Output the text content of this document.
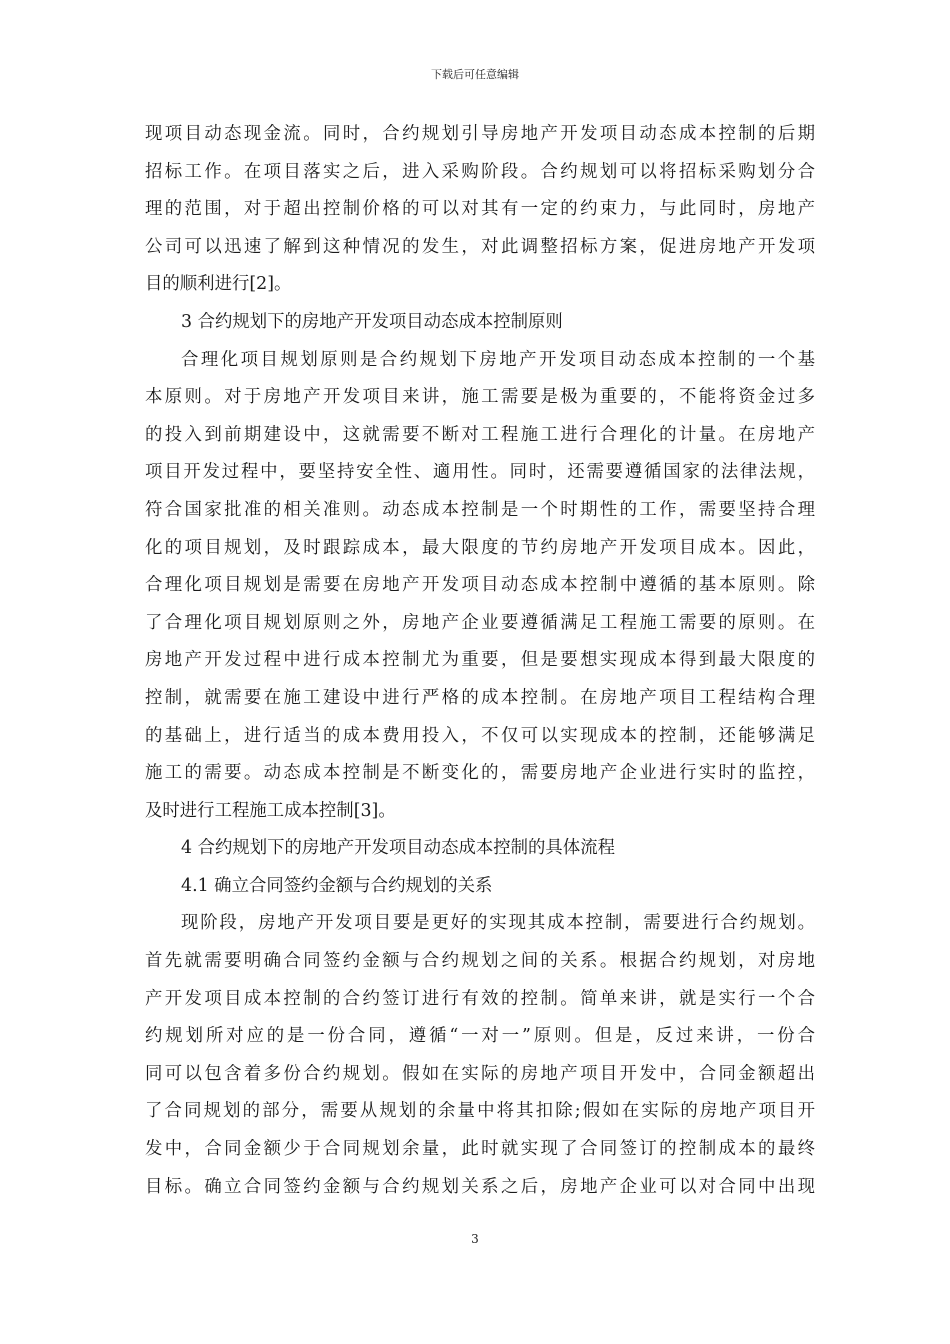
下载后可任意编辑
现项目动态现金流。同时，合约规划引导房地产开发项目动态成本控制的后期
招标工作。在项目落实之后，进入采购阶段。合约规划可以将招标采购划分合
理的范围，对于超出控制价格的可以对其有一定的约束力，与此同时，房地产
公司可以迅速了解到这种情况的发生，对此调整招标方案，促进房地产开发项
目的顺利进行[2]。
3 合约规划下的房地产开发项目动态成本控制原则
合理化项目规划原则是合约规划下房地产开发项目动态成本控制的一个基
本原则。对于房地产开发项目来讲，施工需要是极为重要的，不能将资金过多
的投入到前期建设中，这就需要不断对工程施工进行合理化的计量。在房地产
项目开发过程中，要坚持安全性、適用性。同时，还需要遵循国家的法律法规，
符合国家批准的相关准则。动态成本控制是一个时期性的工作，需要坚持合理
化的项目规划，及时跟踪成本，最大限度的节约房地产开发项目成本。因此，
合理化项目规划是需要在房地产开发项目动态成本控制中遵循的基本原则。除
了合理化项目规划原则之外，房地产企业要遵循满足工程施工需要的原则。在
房地产开发过程中进行成本控制尤为重要，但是要想实现成本得到最大限度的
控制，就需要在施工建设中进行严格的成本控制。在房地产项目工程结构合理
的基础上，进行适当的成本费用投入，不仅可以实现成本的控制，还能够满足
施工的需要。动态成本控制是不断变化的，需要房地产企业进行实时的监控，
及时进行工程施工成本控制[3]。
4 合约规划下的房地产开发项目动态成本控制的具体流程
4.1 确立合同签约金额与合约规划的关系
现阶段，房地产开发项目要是更好的实现其成本控制，需要进行合约规划。
首先就需要明确合同签约金额与合约规划之间的关系。根据合约规划，对房地
产开发项目成本控制的合约签订进行有效的控制。简单来讲，就是实行一个合
约规划所对应的是一份合同，遵循“一对一”原则。但是，反过来讲，一份合
同可以包含着多份合约规划。假如在实际的房地产项目开发中，合同金额超出
了合同规划的部分，需要从规划的余量中将其扣除;假如在实际的房地产项目开
发中，合同金额少于合同规划余量，此时就实现了合同签订的控制成本的最终
目标。确立合同签约金额与合约规划关系之后，房地产企业可以对合同中出现
3
